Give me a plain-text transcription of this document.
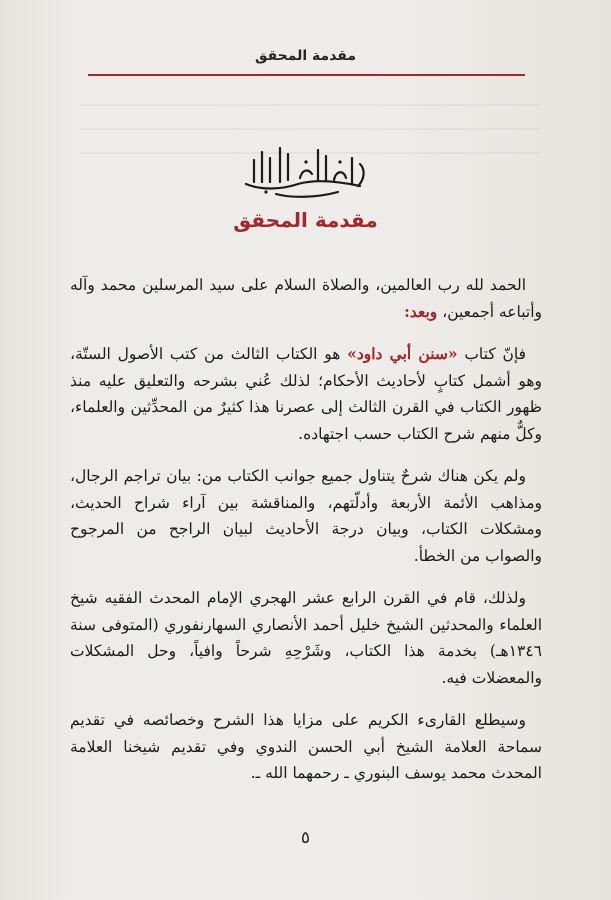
مقدمة المحقق
مقدمة المحقق

الحمد لله رب العالمين، والصلاة السلام على سيد المرسلين محمد وآله وأتباعه أجمعين، وبعد:

فإنّ كتاب «سنن أبي داود» هو الكتاب الثالث من كتب الأصول الستّة، وهو أشمل كتابٍ لأحاديث الأحكام؛ لذلك عُني بشرحه والتعليق عليه منذ ظهور الكتاب في القرن الثالث إلى عصرنا هذا كثيرٌ من المحدِّثين والعلماء، وكلٌّ منهم شرح الكتاب حسب اجتهاده.

ولم يكن هناك شرحٌ يتناول جميع جوانب الكتاب من: بيان تراجم الرجال، ومذاهب الأئمة الأربعة وأدلّتهم، والمناقشة بين آراء شراح الحديث، ومشكلات الكتاب، وبيان درجة الأحاديث لبيان الراجح من المرجوح والصواب من الخطأ.

ولذلك، قام في القرن الرابع عشر الهجري الإمام المحدث الفقيه شيخ العلماء والمحدثين الشيخ خليل أحمد الأنصاري السهارنفوري (المتوفى سنة ١٣٤٦هـ) بخدمة هذا الكتاب، وشَرْحِهِ شرحاً وافياً، وحل المشكلات والمعضلات فيه.

وسيطلع القارىء الكريم على مزايا هذا الشرح وخصائصه في تقديم سماحة العلامة الشيخ أبي الحسن الندوي وفي تقديم شيخنا العلامة المحدث محمد يوسف البنوري ـ رحمهما الله ـ.

٥
